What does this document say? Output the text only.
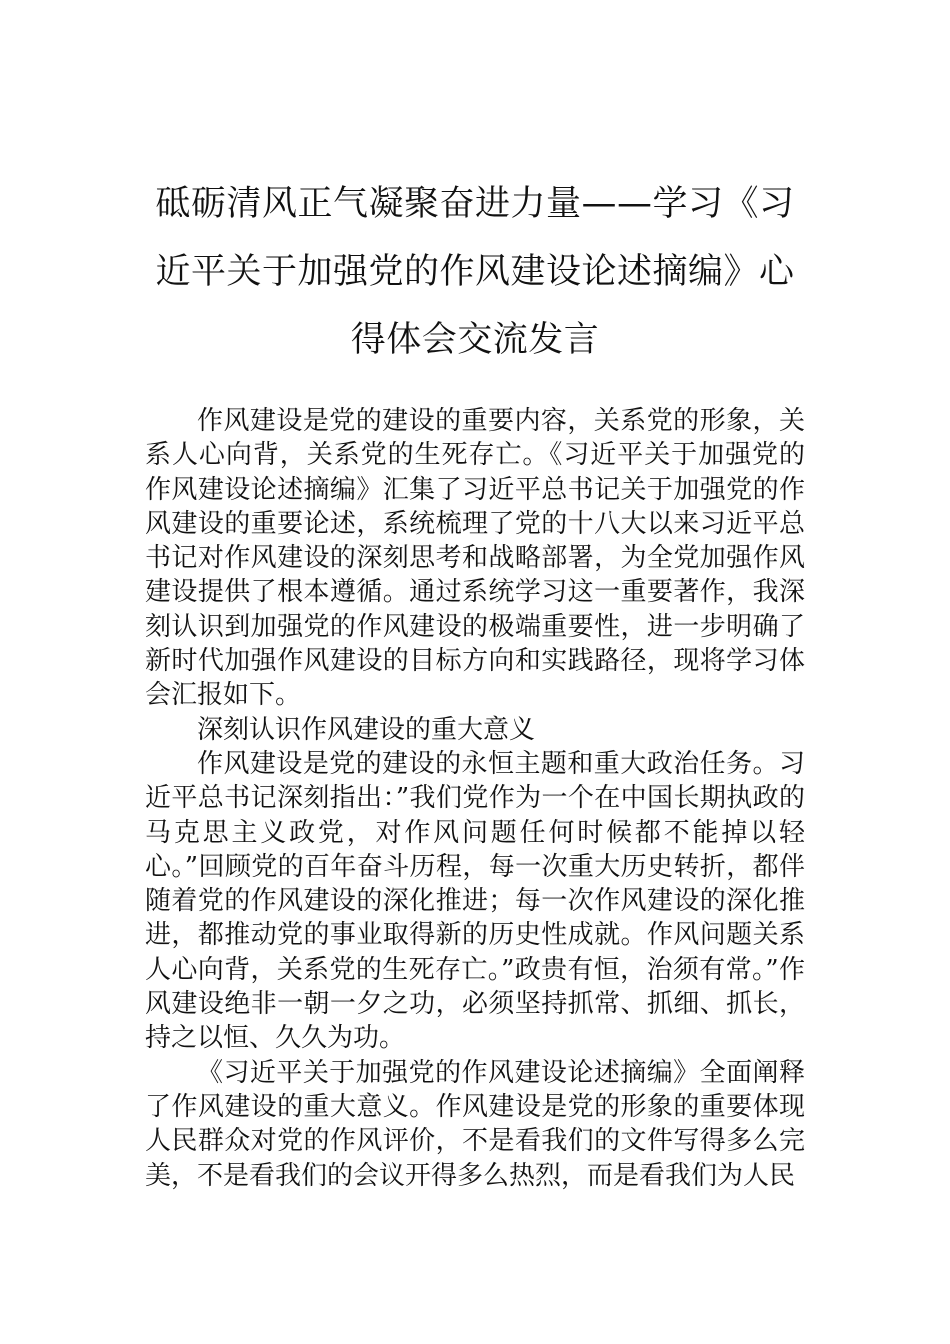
砥砺清风正气凝聚奋进力量——学习《习近平关于加强党的作风建设论述摘编》心得体会交流发言

作风建设是党的建设的重要内容，关系党的形象，关系人心向背，关系党的生死存亡。《习近平关于加强党的作风建设论述摘编》汇集了习近平总书记关于加强党的作风建设的重要论述，系统梳理了党的十八大以来习近平总书记对作风建设的深刻思考和战略部署，为全党加强作风建设提供了根本遵循。通过系统学习这一重要著作，我深刻认识到加强党的作风建设的极端重要性，进一步明确了新时代加强作风建设的目标方向和实践路径，现将学习体会汇报如下。

深刻认识作风建设的重大意义

作风建设是党的建设的永恒主题和重大政治任务。习近平总书记深刻指出：”我们党作为一个在中国长期执政的马克思主义政党，对作风问题任何时候都不能掉以轻心。”回顾党的百年奋斗历程，每一次重大历史转折，都伴随着党的作风建设的深化推进；每一次作风建设的深化推进，都推动党的事业取得新的历史性成就。作风问题关系人心向背，关系党的生死存亡。”政贵有恒，治须有常。”作风建设绝非一朝一夕之功，必须坚持抓常、抓细、抓长，持之以恒、久久为功。

《习近平关于加强党的作风建设论述摘编》全面阐释了作风建设的重大意义。作风建设是党的形象的重要体现人民群众对党的作风评价，不是看我们的文件写得多么完美，不是看我们的会议开得多么热烈，而是看我们为人民
